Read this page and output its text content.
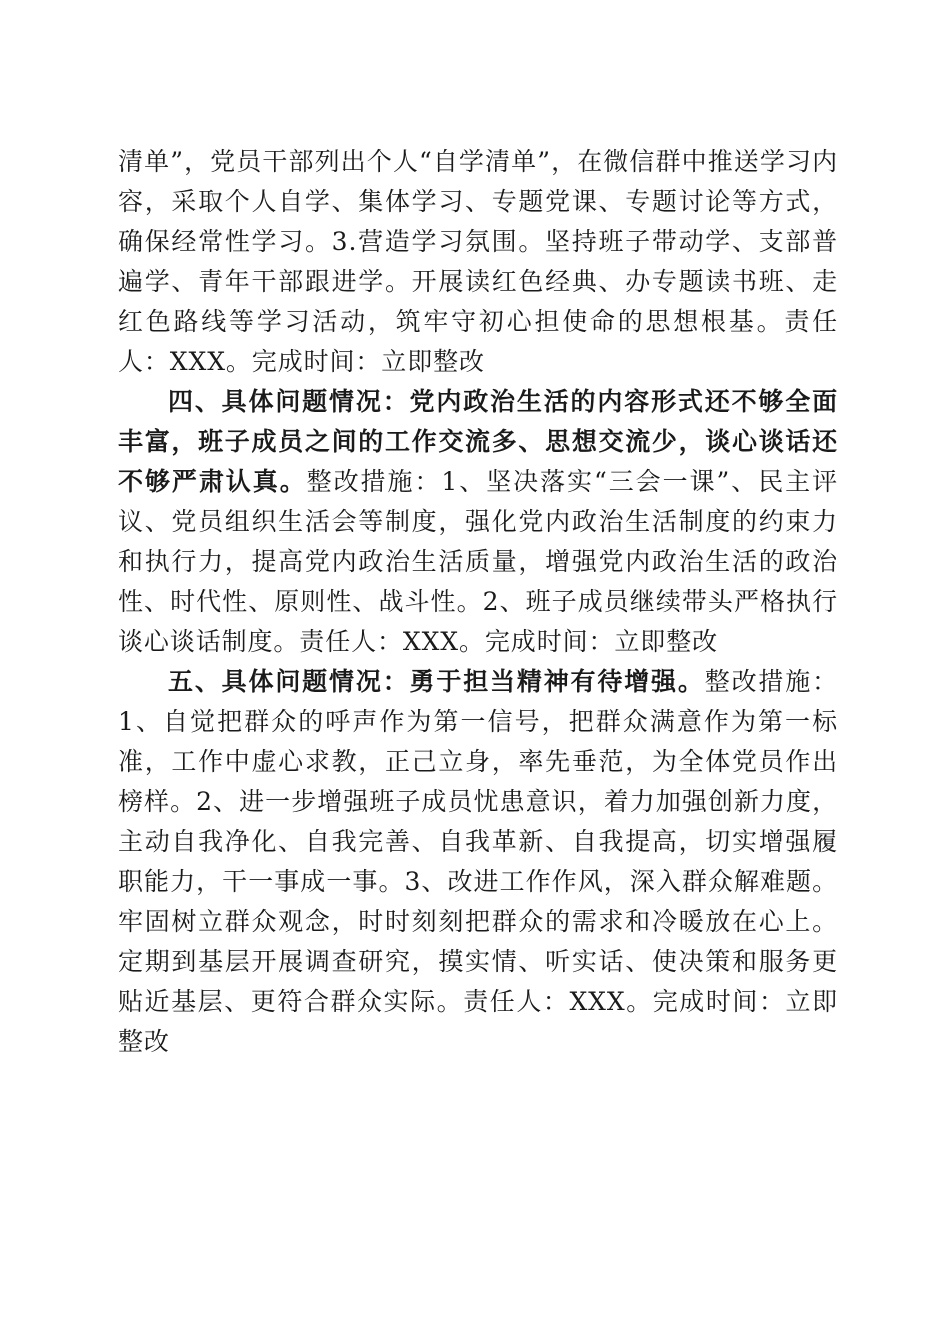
清单”，党员干部列出个人“自学清单”，在微信群中推送学习内容，采取个人自学、集体学习、专题党课、专题讨论等方式，确保经常性学习。3.营造学习氛围。坚持班子带动学、支部普遍学、青年干部跟进学。开展读红色经典、办专题读书班、走红色路线等学习活动，筑牢守初心担使命的思想根基。责任人：XXX。完成时间：立即整改

四、具体问题情况：党内政治生活的内容形式还不够全面丰富，班子成员之间的工作交流多、思想交流少，谈心谈话还不够严肃认真。整改措施：1、坚决落实“三会一课”、民主评议、党员组织生活会等制度，强化党内政治生活制度的约束力和执行力，提高党内政治生活质量，增强党内政治生活的政治性、时代性、原则性、战斗性。2、班子成员继续带头严格执行谈心谈话制度。责任人：XXX。完成时间：立即整改

五、具体问题情况：勇于担当精神有待增强。整改措施：1、自觉把群众的呼声作为第一信号，把群众满意作为第一标准，工作中虚心求教，正己立身，率先垂范，为全体党员作出榜样。2、进一步增强班子成员忧患意识，着力加强创新力度，主动自我净化、自我完善、自我革新、自我提高，切实增强履职能力，干一事成一事。3、改进工作作风，深入群众解难题。牢固树立群众观念，时时刻刻把群众的需求和冷暖放在心上。定期到基层开展调查研究，摸实情、听实话、使决策和服务更贴近基层、更符合群众实际。责任人：XXX。完成时间：立即整改
